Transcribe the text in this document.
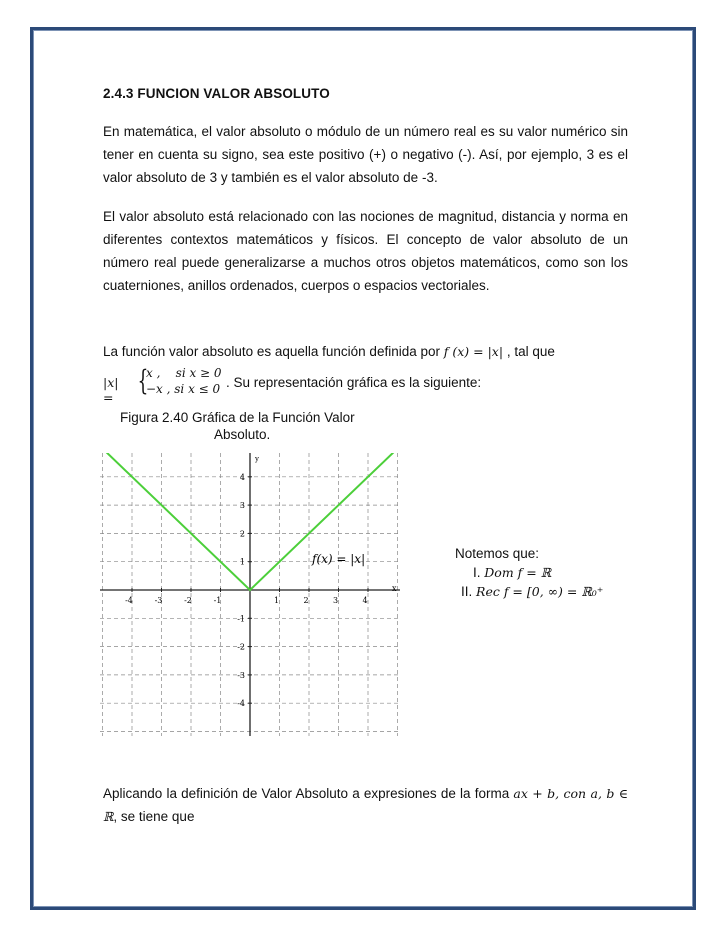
2.4.3 FUNCION VALOR ABSOLUTO

En matemática, el valor absoluto o módulo de un número real es su valor numérico sin tener en cuenta su signo, sea este positivo (+) o negativo (-). Así, por ejemplo, 3 es el valor absoluto de 3 y también es el valor absoluto de -3.

El valor absoluto está relacionado con las nociones de magnitud, distancia y norma en diferentes contextos matemáticos y físicos. El concepto de valor absoluto de un número real puede generalizarse a muchos otros objetos matemáticos, como son los cuaterniones, anillos ordenados, cuerpos o espacios vectoriales.

La función valor absoluto es aquella función definida por f (x) = |x| , tal que

|x| =
{
x ,    si x ≥ 0
−x , si x ≤ 0 . Su representación gráfica es la siguiente:
Figura 2.40 Gráfica de la Función Valor
Absoluto.
-4	-3	-2	-1	1	2	3	4
-4
-3
-2
-1
1
2
3
4
x
y
f(x) = |x|	Notemos que:
I. Dom f = ℝ
II. Rec f = [0, ∞) = ℝ₀⁺

Aplicando la definición de Valor Absoluto a expresiones de la forma ax + b, con a, b ∈ ℝ, se tiene que
